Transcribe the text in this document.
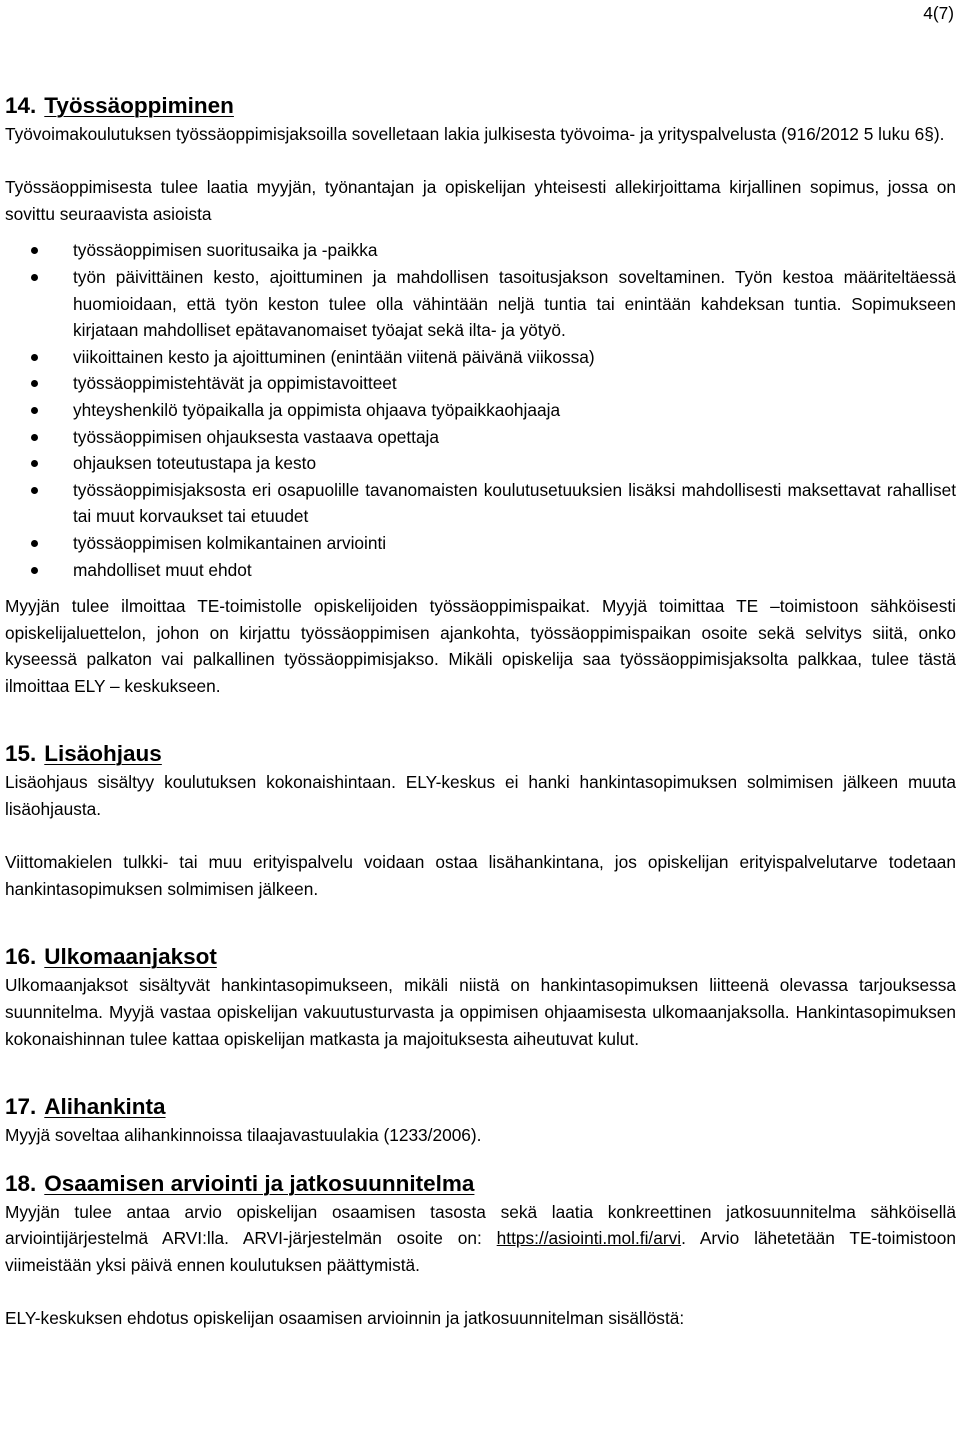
4(7)
14. Työssäoppiminen

Työvoimakoulutuksen työssäoppimisjaksoilla sovelletaan lakia julkisesta työvoima- ja yrityspalvelusta (916/2012 5 luku 6§).

Työssäoppimisesta tulee laatia myyjän, työnantajan ja opiskelijan yhteisesti allekirjoittama kirjallinen sopimus, jossa on sovittu seuraavista asioista

työssäoppimisen suoritusaika ja -paikka
työn päivittäinen kesto, ajoittuminen ja mahdollisen tasoitusjakson soveltaminen. Työn kestoa määriteltäessä huomioidaan, että työn keston tulee olla vähintään neljä tuntia tai enintään kahdeksan tuntia. Sopimukseen kirjataan mahdolliset epätavanomaiset työajat sekä ilta- ja yötyö.
viikoittainen kesto ja ajoittuminen (enintään viitenä päivänä viikossa)
työssäoppimistehtävät ja oppimistavoitteet
yhteyshenkilö työpaikalla ja oppimista ohjaava työpaikkaohjaaja
työssäoppimisen ohjauksesta vastaava opettaja
ohjauksen toteutustapa ja kesto
työssäoppimisjaksosta eri osapuolille tavanomaisten koulutusetuuksien lisäksi mahdollisesti maksettavat rahalliset tai muut korvaukset tai etuudet
työssäoppimisen kolmikantainen arviointi
mahdolliset muut ehdot

Myyjän tulee ilmoittaa TE-toimistolle opiskelijoiden työssäoppimispaikat. Myyjä toimittaa TE –toimistoon sähköisesti opiskelijaluettelon, johon on kirjattu työssäoppimisen ajankohta, työssäoppimispaikan osoite sekä selvitys siitä, onko kyseessä palkaton vai palkallinen työssäoppimisjakso. Mikäli opiskelija saa työssäoppimisjaksolta palkkaa, tulee tästä ilmoittaa ELY – keskukseen.

15. Lisäohjaus

Lisäohjaus sisältyy koulutuksen kokonaishintaan. ELY-keskus ei hanki hankintasopimuksen solmimisen jälkeen muuta lisäohjausta.

Viittomakielen tulkki- tai muu erityispalvelu voidaan ostaa lisähankintana, jos opiskelijan erityispalvelutarve todetaan hankintasopimuksen solmimisen jälkeen.

16. Ulkomaanjaksot

Ulkomaanjaksot sisältyvät hankintasopimukseen, mikäli niistä on hankintasopimuksen liitteenä olevassa tarjouksessa suunnitelma. Myyjä vastaa opiskelijan vakuutusturvasta ja oppimisen ohjaamisesta ulkomaanjaksolla. Hankintasopimuksen kokonaishinnan tulee kattaa opiskelijan matkasta ja majoituksesta aiheutuvat kulut.

17. Alihankinta

Myyjä soveltaa alihankinnoissa tilaajavastuulakia (1233/2006).

18. Osaamisen arviointi ja jatkosuunnitelma

Myyjän tulee antaa arvio opiskelijan osaamisen tasosta sekä laatia konkreettinen jatkosuunnitelma sähköisellä arviointijärjestelmä ARVI:lla. ARVI-järjestelmän osoite on: https://asiointi.mol.fi/arvi. Arvio lähetetään TE-toimistoon viimeistään yksi päivä ennen koulutuksen päättymistä.

ELY-keskuksen ehdotus opiskelijan osaamisen arvioinnin ja jatkosuunnitelman sisällöstä:
